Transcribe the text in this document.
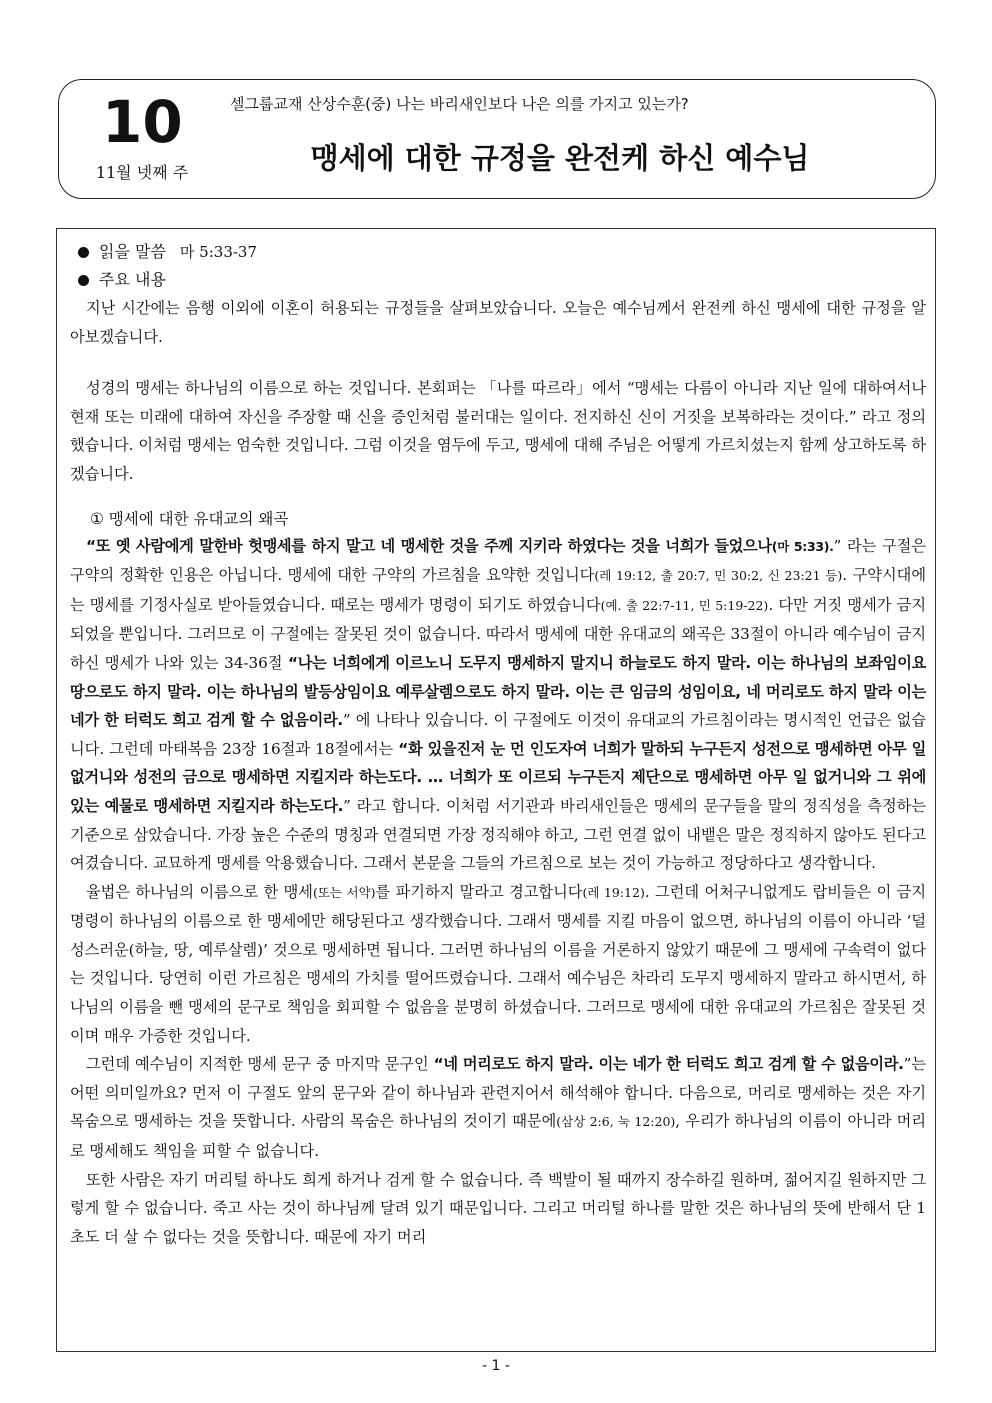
10
11월 넷째 주
셀그룹교재 산상수훈(중) 나는 바리새인보다 나은 의를 가지고 있는가?
맹세에 대한 규정을 완전케 하신 예수님
읽을 말씀 마 5:33-37
주요 내용

지난 시간에는 음행 이외에 이혼이 허용되는 규정들을 살펴보았습니다. 오늘은 예수님께서 완전케 하신 맹세에 대한 규정을 알아보겠습니다.

성경의 맹세는 하나님의 이름으로 하는 것입니다. 본회퍼는 「나를 따르라」에서 “맹세는 다름이 아니라 지난 일에 대하여서나 현재 또는 미래에 대하여 자신을 주장할 때 신을 증인처럼 불러대는 일이다. 전지하신 신이 거짓을 보복하라는 것이다.” 라고 정의했습니다. 이처럼 맹세는 엄숙한 것입니다. 그럼 이것을 염두에 두고, 맹세에 대해 주님은 어떻게 가르치셨는지 함께 상고하도록 하겠습니다.

① 맹세에 대한 유대교의 왜곡

“또 옛 사람에게 말한바 헛맹세를 하지 말고 네 맹세한 것을 주께 지키라 하였다는 것을 너희가 들었으나(마 5:33).” 라는 구절은 구약의 정확한 인용은 아닙니다. 맹세에 대한 구약의 가르침을 요약한 것입니다(레 19:12, 출 20:7, 민 30:2, 신 23:21 등). 구약시대에는 맹세를 기정사실로 받아들였습니다. 때로는 맹세가 명령이 되기도 하였습니다(예. 출 22:7-11, 민 5:19-22). 다만 거짓 맹세가 금지되었을 뿐입니다. 그러므로 이 구절에는 잘못된 것이 없습니다. 따라서 맹세에 대한 유대교의 왜곡은 33절이 아니라 예수님이 금지하신 맹세가 나와 있는 34-36절 “나는 너희에게 이르노니 도무지 맹세하지 말지니 하늘로도 하지 말라. 이는 하나님의 보좌임이요 땅으로도 하지 말라. 이는 하나님의 발등상임이요 예루살렘으로도 하지 말라. 이는 큰 임금의 성임이요, 네 머리로도 하지 말라 이는 네가 한 터럭도 희고 검게 할 수 없음이라.” 에 나타나 있습니다. 이 구절에도 이것이 유대교의 가르침이라는 명시적인 언급은 없습니다. 그런데 마태복음 23장 16절과 18절에서는 “화 있을진저 눈 먼 인도자여 너희가 말하되 누구든지 성전으로 맹세하면 아무 일 없거니와 성전의 금으로 맹세하면 지킬지라 하는도다. … 너희가 또 이르되 누구든지 제단으로 맹세하면 아무 일 없거니와 그 위에 있는 예물로 맹세하면 지킬지라 하는도다.” 라고 합니다. 이처럼 서기관과 바리새인들은 맹세의 문구들을 말의 정직성을 측정하는 기준으로 삼았습니다. 가장 높은 수준의 명칭과 연결되면 가장 정직해야 하고, 그런 연결 없이 내뱉은 말은 정직하지 않아도 된다고 여겼습니다. 교묘하게 맹세를 악용했습니다. 그래서 본문을 그들의 가르침으로 보는 것이 가능하고 정당하다고 생각합니다.

율법은 하나님의 이름으로 한 맹세(또는 서약)를 파기하지 말라고 경고합니다(레 19:12). 그런데 어처구니없게도 랍비들은 이 금지명령이 하나님의 이름으로 한 맹세에만 해당된다고 생각했습니다. 그래서 맹세를 지킬 마음이 없으면, 하나님의 이름이 아니라 ‘덜 성스러운(하늘, 땅, 예루살렘)’ 것으로 맹세하면 됩니다. 그러면 하나님의 이름을 거론하지 않았기 때문에 그 맹세에 구속력이 없다는 것입니다. 당연히 이런 가르침은 맹세의 가치를 떨어뜨렸습니다. 그래서 예수님은 차라리 도무지 맹세하지 말라고 하시면서, 하나님의 이름을 뺀 맹세의 문구로 책임을 회피할 수 없음을 분명히 하셨습니다. 그러므로 맹세에 대한 유대교의 가르침은 잘못된 것이며 매우 가증한 것입니다.

그런데 예수님이 지적한 맹세 문구 중 마지막 문구인 “네 머리로도 하지 말라. 이는 네가 한 터럭도 희고 검게 할 수 없음이라.”는 어떤 의미일까요? 먼저 이 구절도 앞의 문구와 같이 하나님과 관련지어서 해석해야 합니다. 다음으로, 머리로 맹세하는 것은 자기 목숨으로 맹세하는 것을 뜻합니다. 사람의 목숨은 하나님의 것이기 때문에(삼상 2:6, 눅 12:20), 우리가 하나님의 이름이 아니라 머리로 맹세해도 책임을 피할 수 없습니다.

또한 사람은 자기 머리털 하나도 희게 하거나 검게 할 수 없습니다. 즉 백발이 될 때까지 장수하길 원하며, 젊어지길 원하지만 그렇게 할 수 없습니다. 죽고 사는 것이 하나님께 달려 있기 때문입니다. 그리고 머리털 하나를 말한 것은 하나님의 뜻에 반해서 단 1초도 더 살 수 없다는 것을 뜻합니다. 때문에 자기 머리

- 1 -
